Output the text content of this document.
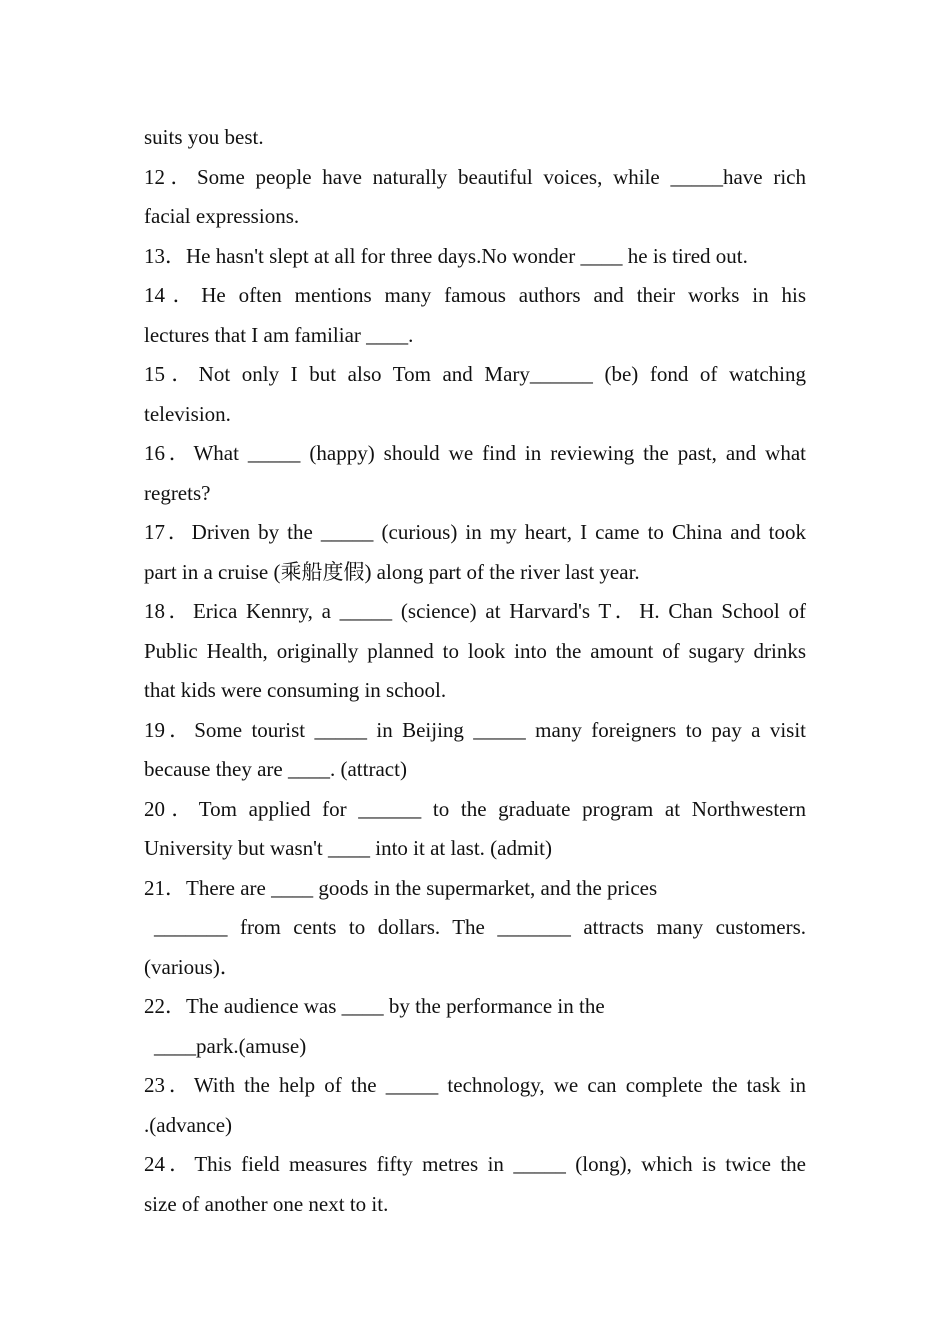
suits you best.
12．Some people have naturally beautiful voices, while _____have rich
facial expressions.
13．He hasn't slept at all for three days.No wonder ____ he is tired out.
14．He often mentions many famous authors and their works in his
lectures that I am familiar ____.
15．Not only I but also Tom and Mary______ (be) fond of watching
television.
16．What _____ (happy) should we find in reviewing the past, and what
regrets?
17．Driven by the _____ (curious) in my heart, I came to China and took
part in a cruise (乘船度假) along part of the river last year.
18．Erica Kennry, a _____ (science) at Harvard's T．H. Chan School of
Public Health, originally planned to look into the amount of sugary drinks
that kids were consuming in school.
19．Some tourist _____ in Beijing _____ many foreigners to pay a visit
because they are ____. (attract)
20．Tom applied for ______ to the graduate program at Northwestern
University but wasn't ____ into it at last. (admit)
21．There are ____ goods in the supermarket, and the prices
_______ from cents to dollars. The _______ attracts many customers.
(various)．
22．The audience was ____ by the performance in the
____park.(amuse)
23．With the help of the _____ technology, we can complete the task in
.(advance)
24．This field measures fifty metres in _____ (long), which is twice the
size of another one next to it.
